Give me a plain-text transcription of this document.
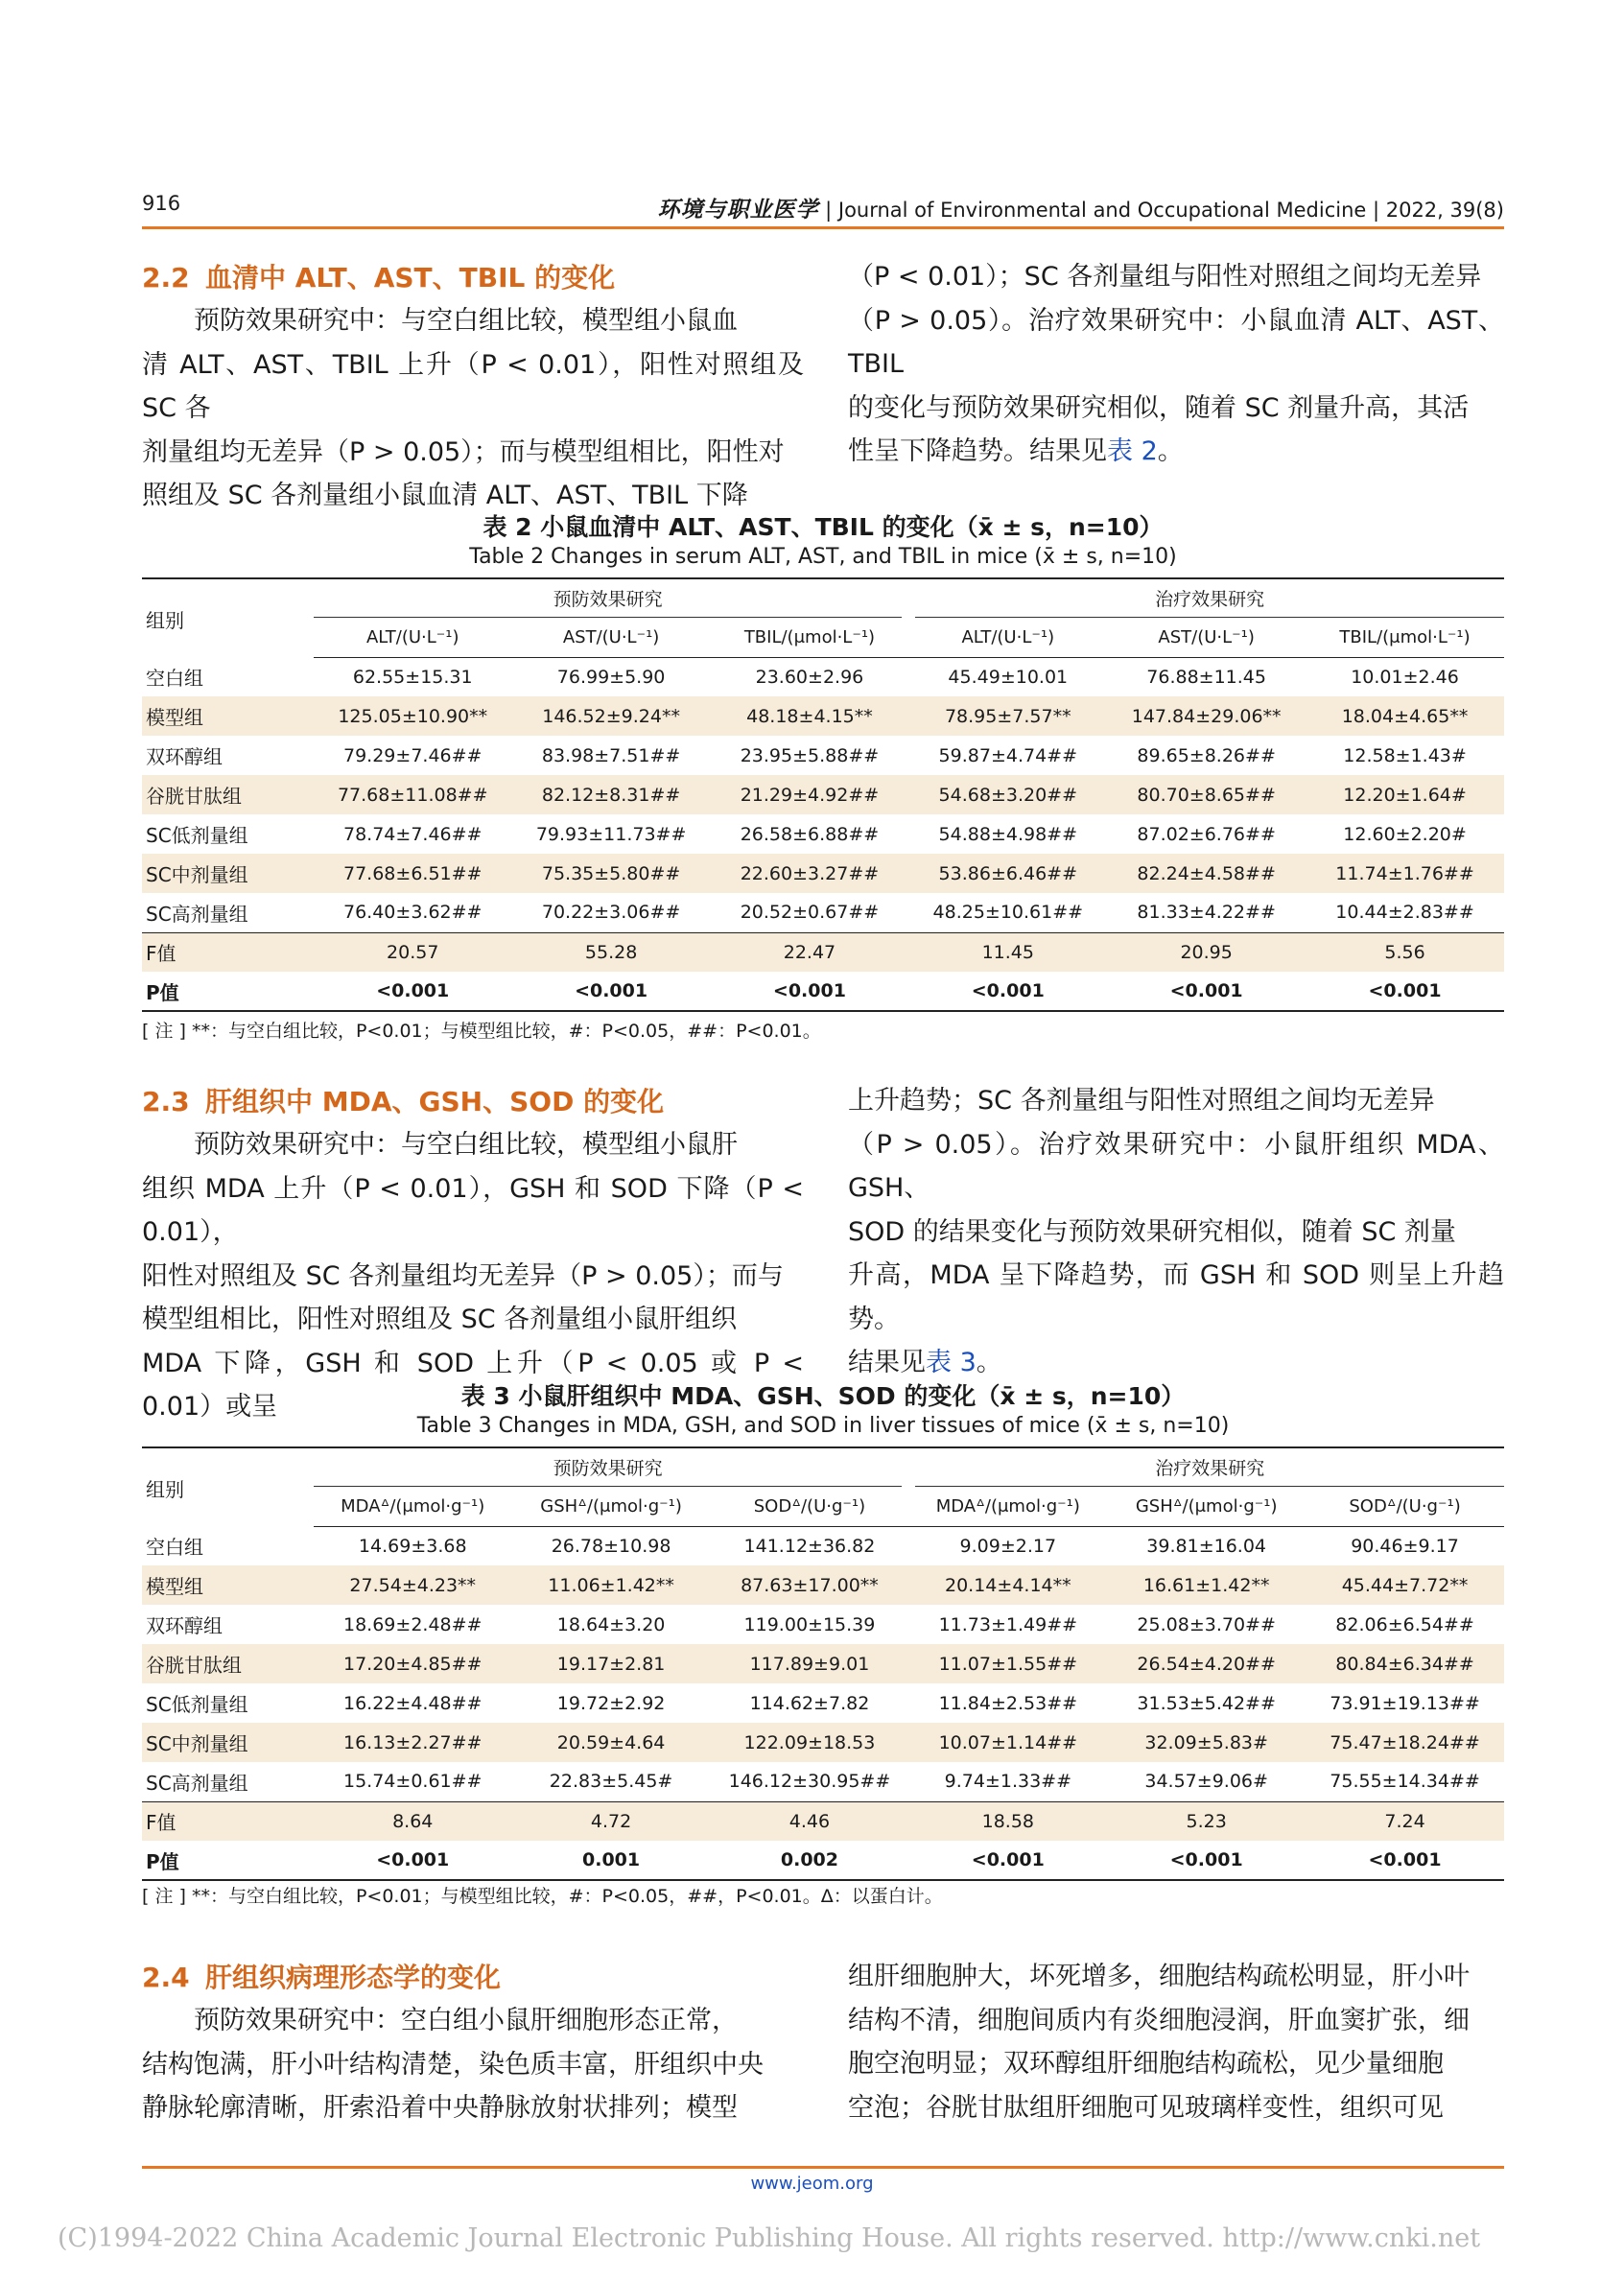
916	环境与职业医学 | Journal of Environmental and Occupational Medicine | 2022, 39(8)
2.2 血清中 ALT、AST、TBIL 的变化
预防效果研究中：与空白组比较，模型组小鼠血
清 ALT、AST、TBIL 上升（P < 0.01），阳性对照组及 SC 各
剂量组均无差异（P > 0.05）；而与模型组相比，阳性对
照组及 SC 各剂量组小鼠血清 ALT、AST、TBIL 下降
（P < 0.01）；SC 各剂量组与阳性对照组之间均无差异
（P > 0.05）。治疗效果研究中：小鼠血清 ALT、AST、TBIL
的变化与预防效果研究相似，随着 SC 剂量升高，其活
性呈下降趋势。结果见表 2。
表 2 小鼠血清中 ALT、AST、TBIL 的变化（x̄ ± s，n=10）
Table 2 Changes in serum ALT, AST, and TBIL in mice (x̄ ± s, n=10)

组别	预防效果研究			治疗效果研究		
	ALT/(U·L⁻¹)	AST/(U·L⁻¹)	TBIL/(μmol·L⁻¹)	ALT/(U·L⁻¹)	AST/(U·L⁻¹)	TBIL/(μmol·L⁻¹)
空白组	62.55±15.31	76.99±5.90	23.60±2.96	45.49±10.01	76.88±11.45	10.01±2.46
模型组	125.05±10.90**	146.52±9.24**	48.18±4.15**	78.95±7.57**	147.84±29.06**	18.04±4.65**
双环醇组	79.29±7.46##	83.98±7.51##	23.95±5.88##	59.87±4.74##	89.65±8.26##	12.58±1.43#
谷胱甘肽组	77.68±11.08##	82.12±8.31##	21.29±4.92##	54.68±3.20##	80.70±8.65##	12.20±1.64#
SC低剂量组	78.74±7.46##	79.93±11.73##	26.58±6.88##	54.88±4.98##	87.02±6.76##	12.60±2.20#
SC中剂量组	77.68±6.51##	75.35±5.80##	22.60±3.27##	53.86±6.46##	82.24±4.58##	11.74±1.76##
SC高剂量组	76.40±3.62##	70.22±3.06##	20.52±0.67##	48.25±10.61##	81.33±4.22##	10.44±2.83##
F值	20.57	55.28	22.47	11.45	20.95	5.56
P值	<0.001	<0.001	<0.001	<0.001	<0.001	<0.001
[ 注 ] **：与空白组比较，P<0.01；与模型组比较，#：P<0.05，##：P<0.01。
2.3 肝组织中 MDA、GSH、SOD 的变化
预防效果研究中：与空白组比较，模型组小鼠肝
组织 MDA 上升（P < 0.01），GSH 和 SOD 下降（P < 0.01），
阳性对照组及 SC 各剂量组均无差异（P > 0.05）；而与
模型组相比，阳性对照组及 SC 各剂量组小鼠肝组织
MDA 下降，GSH 和 SOD 上升（P < 0.05 或 P < 0.01）或呈
上升趋势；SC 各剂量组与阳性对照组之间均无差异
（P > 0.05）。治疗效果研究中：小鼠肝组织 MDA、GSH、
SOD 的结果变化与预防效果研究相似，随着 SC 剂量
升高，MDA 呈下降趋势，而 GSH 和 SOD 则呈上升趋势。
结果见表 3。
表 3 小鼠肝组织中 MDA、GSH、SOD 的变化（x̄ ± s，n=10）
Table 3 Changes in MDA, GSH, and SOD in liver tissues of mice (x̄ ± s, n=10)

组别	预防效果研究			治疗效果研究		
	MDAᐞ/(μmol·g⁻¹)	GSHᐞ/(μmol·g⁻¹)	SODᐞ/(U·g⁻¹)	MDAᐞ/(μmol·g⁻¹)	GSHᐞ/(μmol·g⁻¹)	SODᐞ/(U·g⁻¹)
空白组	14.69±3.68	26.78±10.98	141.12±36.82	9.09±2.17	39.81±16.04	90.46±9.17
模型组	27.54±4.23**	11.06±1.42**	87.63±17.00**	20.14±4.14**	16.61±1.42**	45.44±7.72**
双环醇组	18.69±2.48##	18.64±3.20	119.00±15.39	11.73±1.49##	25.08±3.70##	82.06±6.54##
谷胱甘肽组	17.20±4.85##	19.17±2.81	117.89±9.01	11.07±1.55##	26.54±4.20##	80.84±6.34##
SC低剂量组	16.22±4.48##	19.72±2.92	114.62±7.82	11.84±2.53##	31.53±5.42##	73.91±19.13##
SC中剂量组	16.13±2.27##	20.59±4.64	122.09±18.53	10.07±1.14##	32.09±5.83#	75.47±18.24##
SC高剂量组	15.74±0.61##	22.83±5.45#	146.12±30.95##	9.74±1.33##	34.57±9.06#	75.55±14.34##
F值	8.64	4.72	4.46	18.58	5.23	7.24
P值	<0.001	0.001	0.002	<0.001	<0.001	<0.001
[ 注 ] **：与空白组比较，P<0.01；与模型组比较，#：P<0.05，##，P<0.01。Δ：以蛋白计。
2.4 肝组织病理形态学的变化
预防效果研究中：空白组小鼠肝细胞形态正常，
结构饱满，肝小叶结构清楚，染色质丰富，肝组织中央
静脉轮廓清晰，肝索沿着中央静脉放射状排列；模型
组肝细胞肿大，坏死增多，细胞结构疏松明显，肝小叶
结构不清，细胞间质内有炎细胞浸润，肝血窦扩张，细
胞空泡明显；双环醇组肝细胞结构疏松，见少量细胞
空泡；谷胱甘肽组肝细胞可见玻璃样变性，组织可见
www.jeom.org
(C)1994-2022 China Academic Journal Electronic Publishing House. All rights reserved. http://www.cnki.net
